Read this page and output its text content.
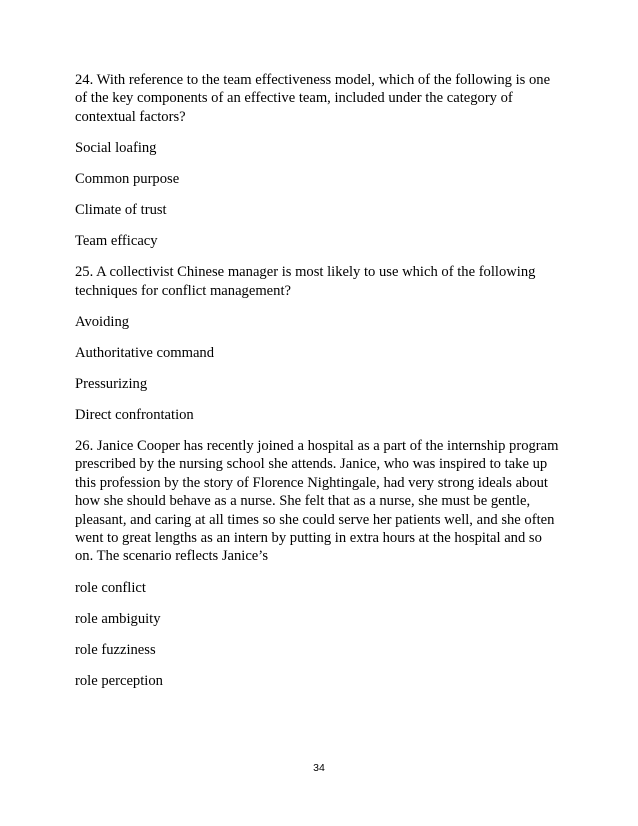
24. With reference to the team effectiveness model, which of the following is one
of the key components of an effective team, included under the category of
contextual factors?
Social loafing
Common purpose
Climate of trust
Team efficacy
25. A collectivist Chinese manager is most likely to use which of the following
techniques for conflict management?
Avoiding
Authoritative command
Pressurizing
Direct confrontation
26. Janice Cooper has recently joined a hospital as a part of the internship program
prescribed by the nursing school she attends. Janice, who was inspired to take up
this profession by the story of Florence Nightingale, had very strong ideals about
how she should behave as a nurse. She felt that as a nurse, she must be gentle,
pleasant, and caring at all times so she could serve her patients well, and she often
went to great lengths as an intern by putting in extra hours at the hospital and so
on. The scenario reflects Janice’s
role conflict
role ambiguity
role fuzziness
role perception
34
